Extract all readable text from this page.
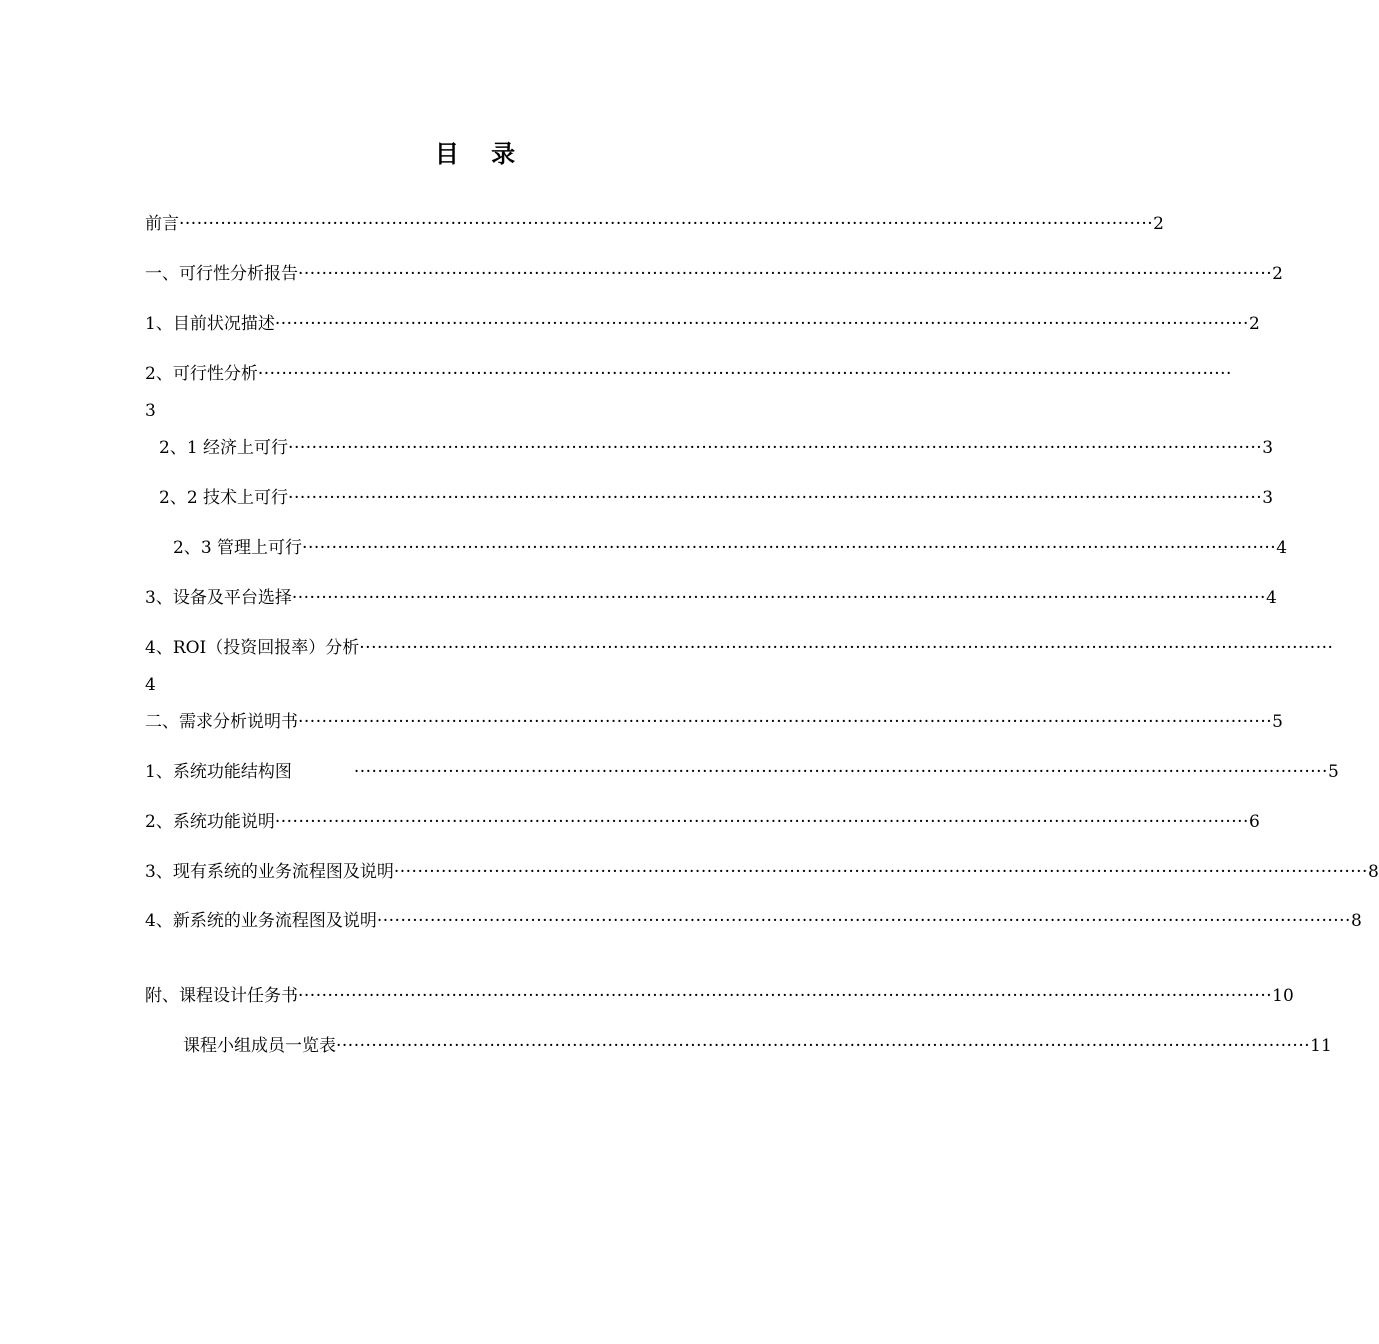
目 录
前言 ····································································································································································· 2
一、可行性分析报告 ····································································································································································· 2
1、目前状况描述 ····································································································································································· 2
2、可行性分析 ·····································································································································································
3
2、1 经济上可行 ····································································································································································· 3
2、2 技术上可行 ····································································································································································· 3
2、3 管理上可行 ····································································································································································· 4
3、设备及平台选择 ····································································································································································· 4
4、ROI（投资回报率）分析 ·····································································································································································
4
二、需求分析说明书 ····································································································································································· 5
1、系统功能结构图	····································································································································································· 5
2、系统功能说明 ····································································································································································· 6
3、现有系统的业务流程图及说明 ····································································································································································· 8
4、新系统的业务流程图及说明 ····································································································································································· 8
附、课程设计任务书 ····································································································································································· 10
课程小组成员一览表 ····································································································································································· 11
